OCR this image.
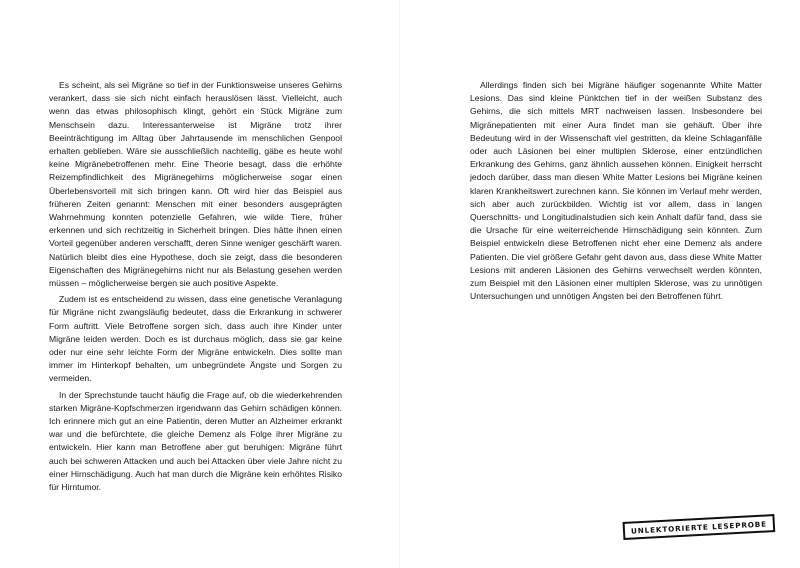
Es scheint, als sei Migräne so tief in der Funktionsweise unseres Gehirns verankert, dass sie sich nicht einfach herauslösen lässt. Vielleicht, auch wenn das etwas philosophisch klingt, gehört ein Stück Migräne zum Menschsein dazu. Interessanterweise ist Migräne trotz ihrer Beeinträchtigung im Alltag über Jahrtausende im menschlichen Genpool erhalten geblieben. Wäre sie ausschließlich nachteilig, gäbe es heute wohl keine Migränebetroffenen mehr. Eine Theorie besagt, dass die erhöhte Reizempfindlichkeit des Migränegehirns möglicherweise sogar einen Überlebensvorteil mit sich bringen kann. Oft wird hier das Beispiel aus früheren Zeiten genannt: Menschen mit einer besonders ausgeprägten Wahrnehmung konnten potenzielle Gefahren, wie wilde Tiere, früher erkennen und sich rechtzeitig in Sicherheit bringen. Dies hätte ihnen einen Vorteil gegenüber anderen verschafft, deren Sinne weniger geschärft waren. Natürlich bleibt dies eine Hypothese, doch sie zeigt, dass die besonderen Eigenschaften des Migränegehirns nicht nur als Belastung gesehen werden müssen – möglicherweise bergen sie auch positive Aspekte.

Zudem ist es entscheidend zu wissen, dass eine genetische Veranlagung für Migräne nicht zwangsläufig bedeutet, dass die Erkrankung in schwerer Form auftritt. Viele Betroffene sorgen sich, dass auch ihre Kinder unter Migräne leiden werden. Doch es ist durchaus möglich, dass sie gar keine oder nur eine sehr leichte Form der Migräne entwickeln. Dies sollte man immer im Hinterkopf behalten, um unbegründete Ängste und Sorgen zu vermeiden.

In der Sprechstunde taucht häufig die Frage auf, ob die wiederkehrenden starken Migräne-Kopfschmerzen irgendwann das Gehirn schädigen können. Ich erinnere mich gut an eine Patientin, deren Mutter an Alzheimer erkrankt war und die befürchtete, die gleiche Demenz als Folge ihrer Migräne zu entwickeln. Hier kann man Betroffene aber gut beruhigen: Migräne führt auch bei schweren Attacken und auch bei Attacken über viele Jahre nicht zu einer Hirnschädigung. Auch hat man durch die Migräne kein erhöhtes Risiko für Hirntumor.

Allerdings finden sich bei Migräne häufiger sogenannte White Matter Lesions. Das sind kleine Pünktchen tief in der weißen Substanz des Gehirns, die sich mittels MRT nachweisen lassen. Insbesondere bei Migränepatienten mit einer Aura findet man sie gehäuft. Über ihre Bedeutung wird in der Wissenschaft viel gestritten, da kleine Schlaganfälle oder auch Läsionen bei einer multiplen Sklerose, einer entzündlichen Erkrankung des Gehirns, ganz ähnlich aussehen können. Einigkeit herrscht jedoch darüber, dass man diesen White Matter Lesions bei Migräne keinen klaren Krankheitswert zurechnen kann. Sie können im Verlauf mehr werden, sich aber auch zurückbilden. Wichtig ist vor allem, dass in langen Querschnitts- und Longitudinalstudien sich kein Anhalt dafür fand, dass sie die Ursache für eine weiterreichende Hirnschädigung sein könnten. Zum Beispiel entwickeln diese Betroffenen nicht eher eine Demenz als andere Patienten. Die viel größere Gefahr geht davon aus, dass diese White Matter Lesions mit anderen Läsionen des Gehirns verwechselt werden könnten, zum Beispiel mit den Läsionen einer multiplen Sklerose, was zu unnötigen Untersuchungen und unnötigen Ängsten bei den Betroffenen führt.

UNLEKTORIERTE LESEPROBE
